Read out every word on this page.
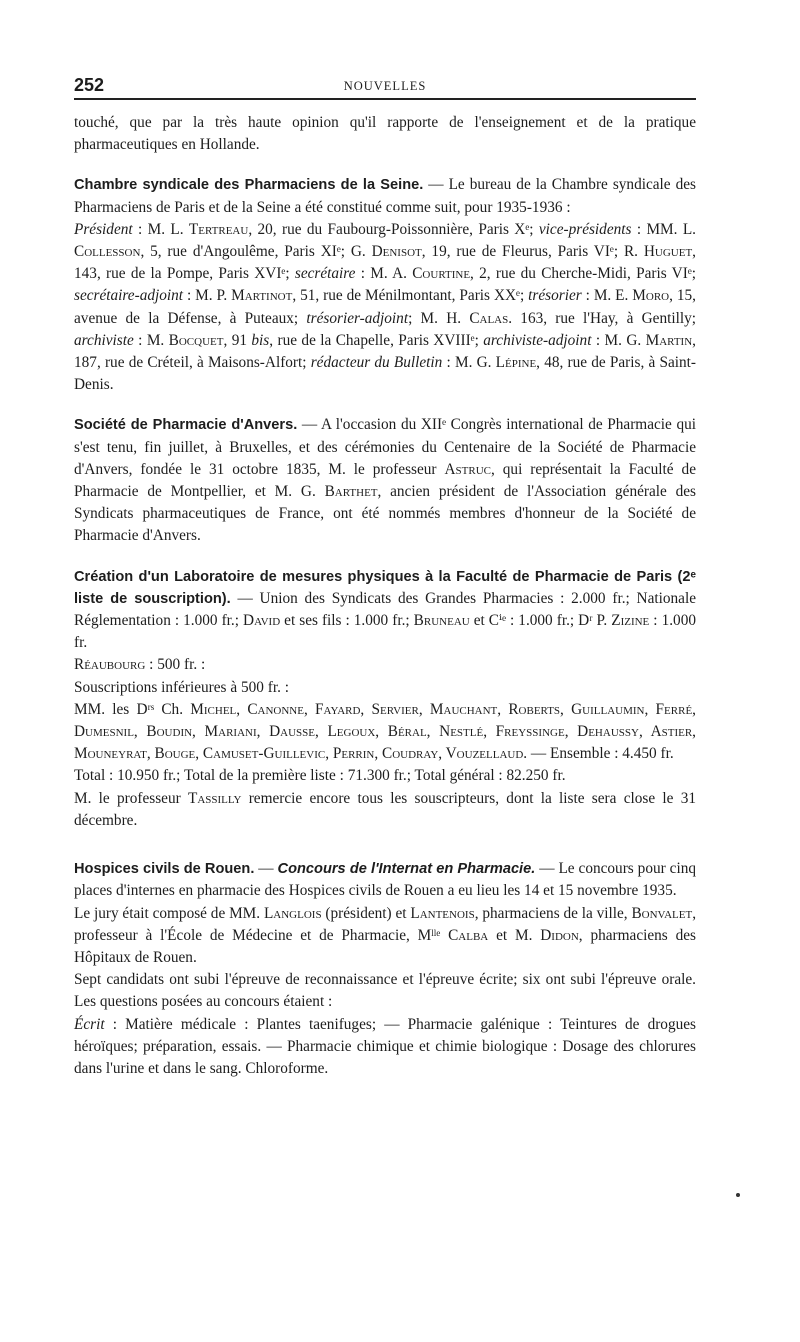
252	NOUVELLES

touché, que par la très haute opinion qu'il rapporte de l'enseignement et de la pratique pharmaceutiques en Hollande.

Chambre syndicale des Pharmaciens de la Seine. — Le bureau de la Chambre syndicale des Pharmaciens de Paris et de la Seine a été constitué comme suit, pour 1935-1936 :

Président : M. L. Tertreau, 20, rue du Faubourg-Poissonnière, Paris Xᵉ; vice-présidents : MM. L. Collesson, 5, rue d'Angoulême, Paris XIᵉ; G. Denisot, 19, rue de Fleurus, Paris VIᵉ; R. Huguet, 143, rue de la Pompe, Paris XVIᵉ; secrétaire : M. A. Courtine, 2, rue du Cherche-Midi, Paris VIᵉ; secrétaire-adjoint : M. P. Martinot, 51, rue de Ménilmontant, Paris XXᵉ; trésorier : M. E. Moro, 15, avenue de la Défense, à Puteaux; trésorier-adjoint; M. H. Calas. 163, rue l'Hay, à Gentilly; archiviste : M. Bocquet, 91 bis, rue de la Chapelle, Paris XVIIIᵉ; archiviste-adjoint : M. G. Martin, 187, rue de Créteil, à Maisons-Alfort; rédacteur du Bulletin : M. G. Lépine, 48, rue de Paris, à Saint-Denis.

Société de Pharmacie d'Anvers. — A l'occasion du XIIᵉ Congrès international de Pharmacie qui s'est tenu, fin juillet, à Bruxelles, et des cérémonies du Centenaire de la Société de Pharmacie d'Anvers, fondée le 31 octobre 1835, M. le professeur Astruc, qui représentait la Faculté de Pharmacie de Montpellier, et M. G. Barthet, ancien président de l'Association générale des Syndicats pharmaceutiques de France, ont été nommés membres d'honneur de la Société de Pharmacie d'Anvers.

Création d'un Laboratoire de mesures physiques à la Faculté de Pharmacie de Paris (2ᵉ liste de souscription). — Union des Syndicats des Grandes Pharmacies : 2.000 fr.; Nationale Réglementation : 1.000 fr.; David et ses fils : 1.000 fr.; Bruneau et Cⁱᵉ : 1.000 fr.; Dʳ P. Zizine : 1.000 fr.

Réaubourg : 500 fr. :

Souscriptions inférieures à 500 fr. :

MM. les Dʳˢ Ch. Michel, Canonne, Fayard, Servier, Mauchant, Roberts, Guillaumin, Ferré, Dumesnil, Boudin, Mariani, Dausse, Legoux, Béral, Nestlé, Freyssinge, Dehaussy, Astier, Mouneyrat, Bouge, Camuset-Guillevic, Perrin, Coudray, Vouzellaud. — Ensemble : 4.450 fr.

Total : 10.950 fr.; Total de la première liste : 71.300 fr.; Total général : 82.250 fr.

M. le professeur Tassilly remercie encore tous les souscripteurs, dont la liste sera close le 31 décembre.

Hospices civils de Rouen. — Concours de l'Internat en Pharmacie. — Le concours pour cinq places d'internes en pharmacie des Hospices civils de Rouen a eu lieu les 14 et 15 novembre 1935.

Le jury était composé de MM. Langlois (président) et Lantenois, pharmaciens de la ville, Bonvalet, professeur à l'École de Médecine et de Pharmacie, Mˡˡᵉ Calba et M. Didon, pharmaciens des Hôpitaux de Rouen.

Sept candidats ont subi l'épreuve de reconnaissance et l'épreuve écrite; six ont subi l'épreuve orale. Les questions posées au concours étaient :

Écrit : Matière médicale : Plantes taenifuges; — Pharmacie galénique : Teintures de drogues héroïques; préparation, essais. — Pharmacie chimique et chimie biologique : Dosage des chlorures dans l'urine et dans le sang. Chloroforme.
